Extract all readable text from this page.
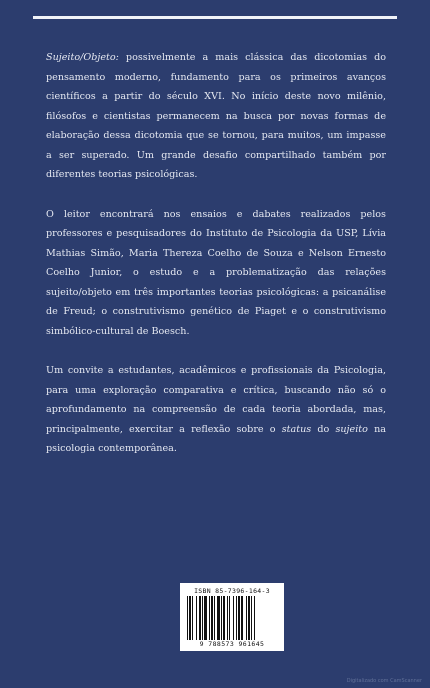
Sujeito/Objeto: possivelmente a mais clássica das dicotomias do pensamento moderno, fundamento para os primeiros avanços científicos a partir do século XVI. No início deste novo milênio, filósofos e cientistas permanecem na busca por novas formas de elaboração dessa dicotomia que se tornou, para muitos, um impasse a ser superado. Um grande desafio compartilhado também por diferentes teorias psicológicas.

O leitor encontrará nos ensaios e dabates realizados pelos professores e pesquisadores do Instituto de Psicologia da USP, Lívia Mathias Simão, Maria Thereza Coelho de Souza e Nelson Ernesto Coelho Junior, o estudo e a problematização das relações sujeito/objeto em três importantes teorias psicológicas: a psicanálise de Freud; o construtivismo genético de Piaget e o construtivismo simbólico-cultural de Boesch.

Um convite a estudantes, acadêmicos e profissionais da Psicologia, para uma exploração comparativa e crítica, buscando não só o aprofundamento na compreensão de cada teoria abordada, mas, principalmente, exercitar a reflexão sobre o status do sujeito na psicologia contemporânea.

ISBN 85-7396-164-3
9 788573 961645
Digitalizado com CamScanner
